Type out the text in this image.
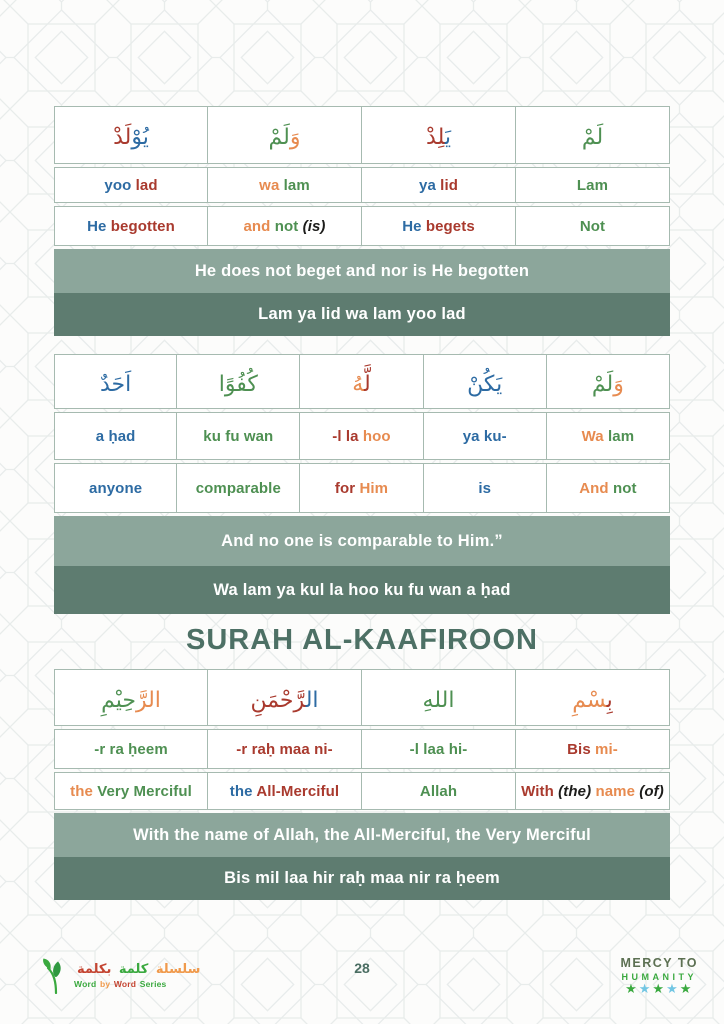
يُوْلَدْ	وَلَمْ	يَ‍‍لِدْ	لَمْ
yoo lad	wa lam	ya lid	Lam
He begotten	and not (is)	He begets	Not
He does not beget and nor is He begotten
Lam ya lid wa lam yoo lad
اَحَدٌ	كُفُوًا	لَّ‍‍هُ	يَكُنْ	وَلَمْ
a ḥad	ku fu wan	-l la hoo	ya ku-	Wa lam
anyone	comparable	for Him	is	And not
And no one is comparable to Him.”
Wa lam ya kul la hoo ku fu wan a ḥad
SURAH AL-KAAFIROON
الرَّحِيْمِ	ال‍‍رَّحْمَنِ	اللهِ	بِ‍‍سْمِ
-r ra ḥeem	-r raḥ maa ni-	-l laa hi-	Bis mi-
the Very Merciful	the All-Merciful	Allah	With (the) name (of)
With the name of Allah, the All-Merciful, the Very Merciful
Bis mil laa hir raḥ maa nir ra ḥeem
سلسلة كلمة بكلمة
Word by Word Series
28	MERCY TO
HUMANITY
★★★★★
